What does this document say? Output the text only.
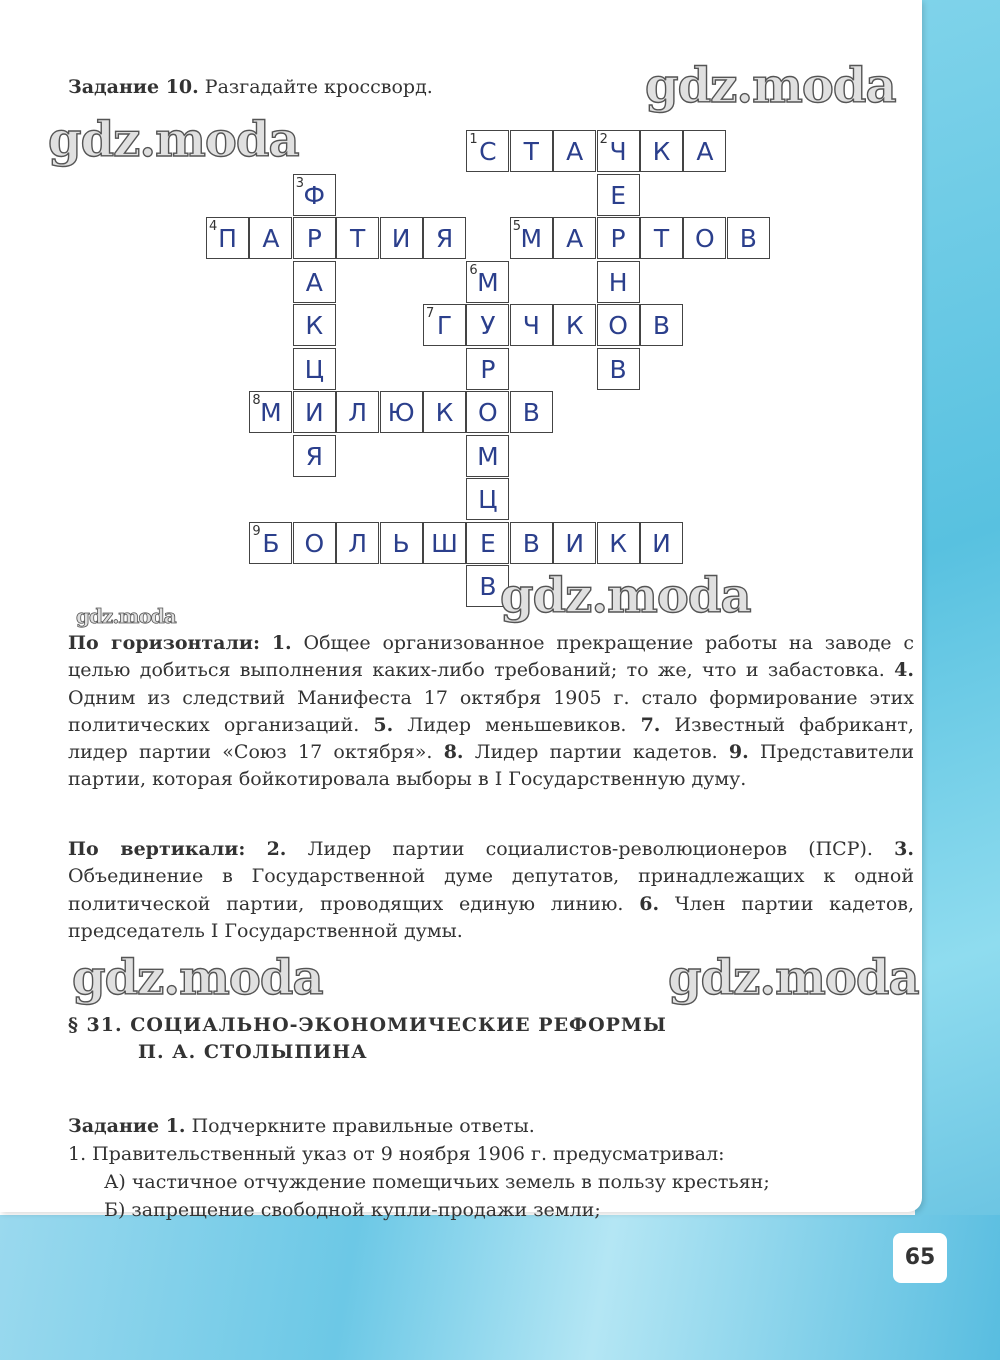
Задание 10. Разгадайте кроссворд.
1 С	Т	А	2 Ч	К	А
4 П	А	Р	Т	И	Я	5 М А	Р	Т	О В
7 Г	У	Ч	К О В
8 М И Л Ю К О В
9 Б О Л	Ь Ш Е	В	И	К	И
Е
Н
В
3 Ф
А
К
Ц
Я
6 М
Р
М
Ц
В
По горизонтали: 1. Общее организованное прекращение работы на заводе с целью добиться выполнения каких-либо требований; то же, что и забастовка. 4. Одним из следствий Манифеста 17 октября 1905 г. стало формирование этих политических организаций. 5. Лидер меньшевиков. 7. Известный фабрикант, лидер партии «Союз 17 октября». 8. Лидер партии кадетов. 9. Представители партии, которая бойкотировала выборы в I Государственную думу.
По вертикали: 2. Лидер партии социалистов-революционеров (ПСР). 3. Объединение в Государственной думе депутатов, принадлежащих к одной политической партии, проводящих единую линию. 6. Член партии кадетов, председатель I Государственной думы.
§ 31. СОЦИАЛЬНО-ЭКОНОМИЧЕСКИЕ РЕФОРМЫ
П. А. СТОЛЫПИНА
Задание 1. Подчеркните правильные ответы.
1. Правительственный указ от 9 ноября 1906 г. предусматривал:
А) частичное отчуждение помещичьих земель в пользу крестьян;
Б) запрещение свободной купли-продажи земли;
gdz.moda
gdz.moda
gdz.moda
gdz.moda
gdz.moda	gdz.moda
65
